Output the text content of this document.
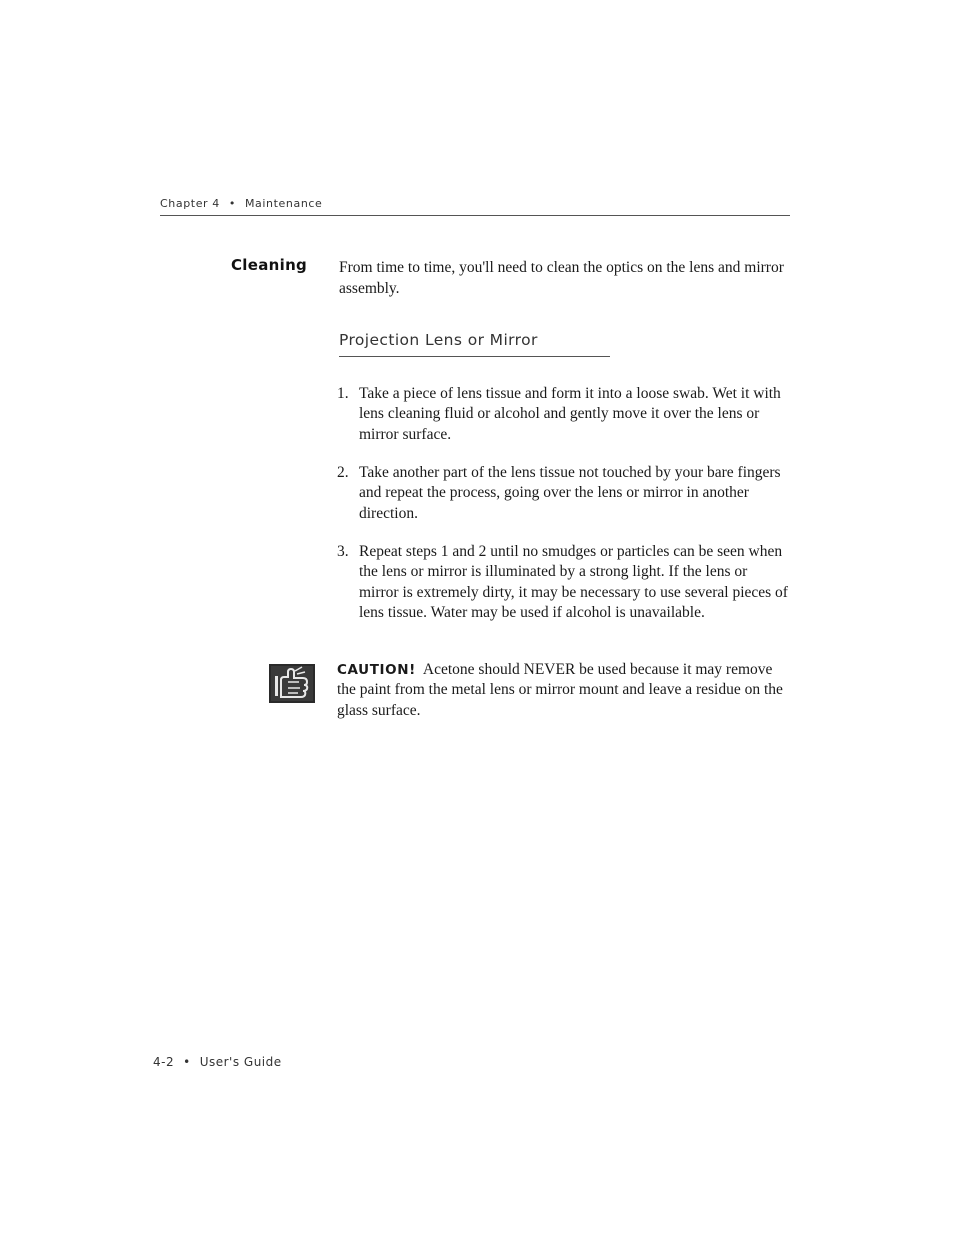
Chapter 4 • Maintenance
Cleaning From time to time, you'll need to clean the optics on the lens and mirror assembly.
Projection Lens or Mirror
1. Take a piece of lens tissue and form it into a loose swab. Wet it with lens cleaning fluid or alcohol and gently move it over the lens or mirror surface.
2. Take another part of the lens tissue not touched by your bare fingers and repeat the process, going over the lens or mirror in another direction.
3. Repeat steps 1 and 2 until no smudges or particles can be seen when the lens or mirror is illuminated by a strong light. If the lens or mirror is extremely dirty, it may be necessary to use several pieces of lens tissue. Water may be used if alcohol is unavailable.
CAUTION! Acetone should NEVER be used because it may remove the paint from the metal lens or mirror mount and leave a residue on the glass surface.
4-2 • User's Guide
